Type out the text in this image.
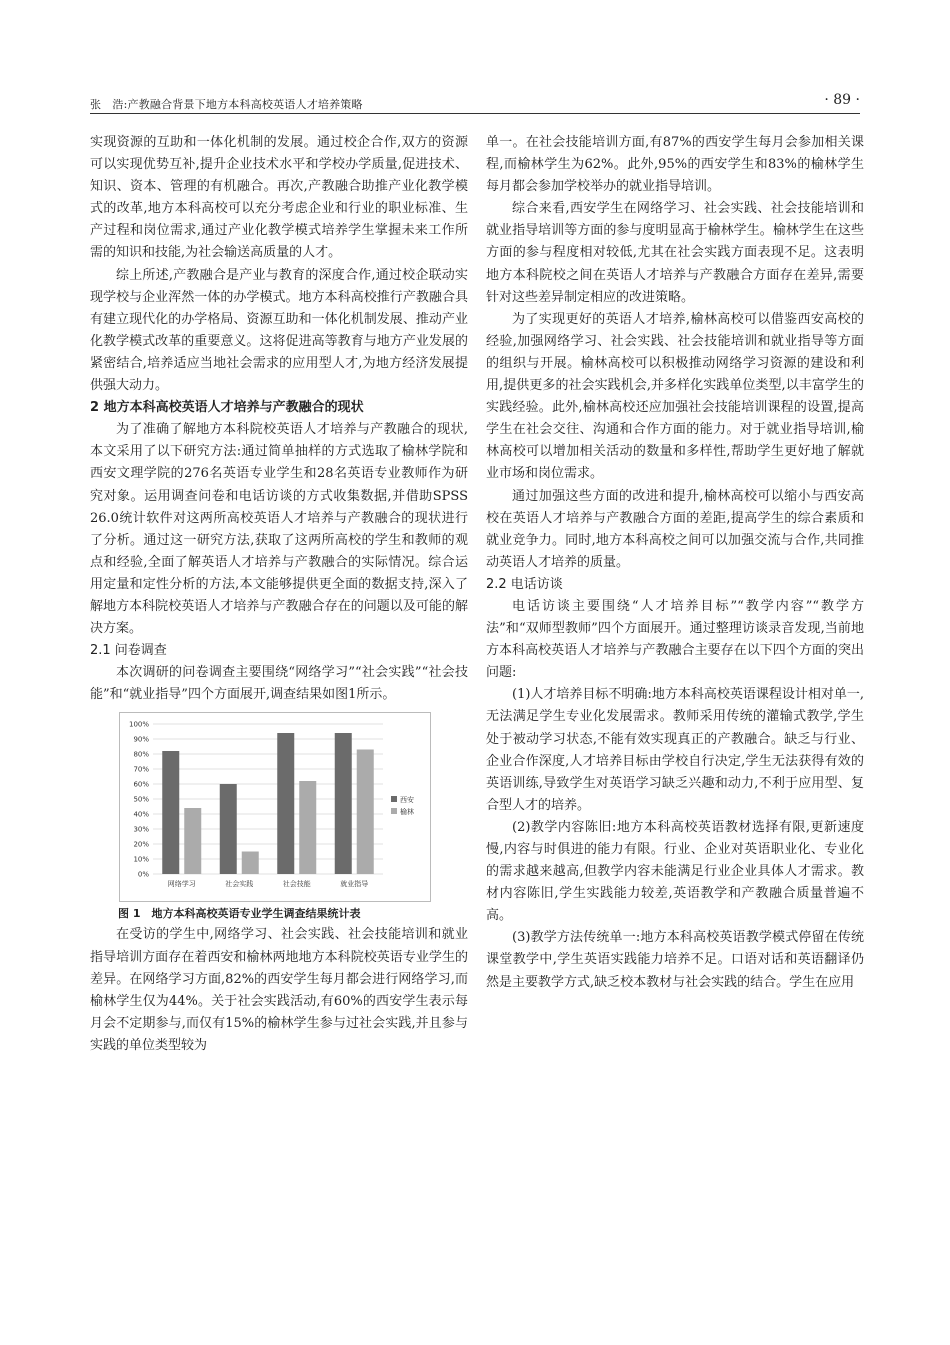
张　浩:产教融合背景下地方本科高校英语人才培养策略	· 89 ·

实现资源的互助和一体化机制的发展。通过校企合作,双方的资源可以实现优势互补,提升企业技术水平和学校办学质量,促进技术、知识、资本、管理的有机融合。再次,产教融合助推产业化教学模式的改革,地方本科高校可以充分考虑企业和行业的职业标准、生产过程和岗位需求,通过产业化教学模式培养学生掌握未来工作所需的知识和技能,为社会输送高质量的人才。

综上所述,产教融合是产业与教育的深度合作,通过校企联动实现学校与企业浑然一体的办学模式。地方本科高校推行产教融合具有建立现代化的办学格局、资源互助和一体化机制发展、推动产业化教学模式改革的重要意义。这将促进高等教育与地方产业发展的紧密结合,培养适应当地社会需求的应用型人才,为地方经济发展提供强大动力。

2 地方本科高校英语人才培养与产教融合的现状

为了准确了解地方本科院校英语人才培养与产教融合的现状,本文采用了以下研究方法:通过简单抽样的方式选取了榆林学院和西安文理学院的276名英语专业学生和28名英语专业教师作为研究对象。运用调查问卷和电话访谈的方式收集数据,并借助SPSS 26.0统计软件对这两所高校英语人才培养与产教融合的现状进行了分析。通过这一研究方法,获取了这两所高校的学生和教师的观点和经验,全面了解英语人才培养与产教融合的实际情况。综合运用定量和定性分析的方法,本文能够提供更全面的数据支持,深入了解地方本科院校英语人才培养与产教融合存在的问题以及可能的解决方案。

2.1 问卷调查

本次调研的问卷调查主要围绕“网络学习”“社会实践”“社会技能”和“就业指导”四个方面展开,调查结果如图1所示。

0%
10%
20%
30%
40%
50%
60%
70%
80%
90%
100%
网络学习	社会实践	社会技能	就业指导
西安
榆林

图 1　地方本科高校英语专业学生调查结果统计表

在受访的学生中,网络学习、社会实践、社会技能培训和就业指导培训方面存在着西安和榆林两地地方本科院校英语专业学生的差异。在网络学习方面,82%的西安学生每月都会进行网络学习,而榆林学生仅为44%。关于社会实践活动,有60%的西安学生表示每月会不定期参与,而仅有15%的榆林学生参与过社会实践,并且参与实践的单位类型较为

单一。在社会技能培训方面,有87%的西安学生每月会参加相关课程,而榆林学生为62%。此外,95%的西安学生和83%的榆林学生每月都会参加学校举办的就业指导培训。

综合来看,西安学生在网络学习、社会实践、社会技能培训和就业指导培训等方面的参与度明显高于榆林学生。榆林学生在这些方面的参与程度相对较低,尤其在社会实践方面表现不足。这表明地方本科院校之间在英语人才培养与产教融合方面存在差异,需要针对这些差异制定相应的改进策略。

为了实现更好的英语人才培养,榆林高校可以借鉴西安高校的经验,加强网络学习、社会实践、社会技能培训和就业指导等方面的组织与开展。榆林高校可以积极推动网络学习资源的建设和利用,提供更多的社会实践机会,并多样化实践单位类型,以丰富学生的实践经验。此外,榆林高校还应加强社会技能培训课程的设置,提高学生在社会交往、沟通和合作方面的能力。对于就业指导培训,榆林高校可以增加相关活动的数量和多样性,帮助学生更好地了解就业市场和岗位需求。

通过加强这些方面的改进和提升,榆林高校可以缩小与西安高校在英语人才培养与产教融合方面的差距,提高学生的综合素质和就业竞争力。同时,地方本科高校之间可以加强交流与合作,共同推动英语人才培养的质量。

2.2 电话访谈

电话访谈主要围绕“人才培养目标”“教学内容”“教学方法”和“双师型教师”四个方面展开。通过整理访谈录音发现,当前地方本科高校英语人才培养与产教融合主要存在以下四个方面的突出问题:

(1)人才培养目标不明确:地方本科高校英语课程设计相对单一,无法满足学生专业化发展需求。教师采用传统的灌输式教学,学生处于被动学习状态,不能有效实现真正的产教融合。缺乏与行业、企业合作深度,人才培养目标由学校自行决定,学生无法获得有效的英语训练,导致学生对英语学习缺乏兴趣和动力,不利于应用型、复合型人才的培养。

(2)教学内容陈旧:地方本科高校英语教材选择有限,更新速度慢,内容与时俱进的能力有限。行业、企业对英语职业化、专业化的需求越来越高,但教学内容未能满足行业企业具体人才需求。教材内容陈旧,学生实践能力较差,英语教学和产教融合质量普遍不高。

(3)教学方法传统单一:地方本科高校英语教学模式停留在传统课堂教学中,学生英语实践能力培养不足。口语对话和英语翻译仍然是主要教学方式,缺乏校本教材与社会实践的结合。学生在应用
